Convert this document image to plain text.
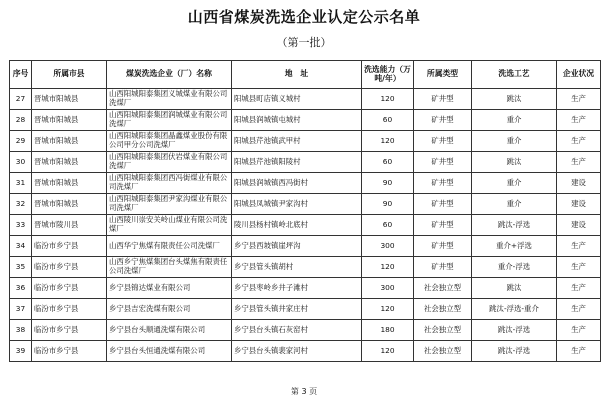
山西省煤炭洗选企业认定公示名单
（第一批）
序号	所属市县	煤炭洗选企业（厂）名称	地　址	洗选能力（万吨/年）	所属类型	洗选工艺	企业状况
27	晋城市阳城县	山西阳城阳泰集团义城煤业有限公司洗煤厂	阳城县町店镇义城村	120	矿井型	跳汰	生产
28	晋城市阳城县	山西阳城阳泰集团润城煤业有限公司洗煤厂	阳城县润城镇屯城村	60	矿井型	重介	生产
29	晋城市阳城县	山西阳城阳泰集团晶鑫煤业股份有限公司甲分公司洗煤厂	阳城县芹池镇武甲村	120	矿井型	重介	生产
30	晋城市阳城县	山西阳城阳泰集团伏岩煤业有限公司洗煤厂	阳城县芹池镇阳陵村	60	矿井型	跳汰	生产
31	晋城市阳城县	山西阳城阳泰集团西冯街煤业有限公司洗煤厂	阳城县润城镇西冯街村	90	矿井型	重介	建设
32	晋城市阳城县	山西阳城阳泰集团尹家沟煤业有限公司洗煤厂	阳城县凤城镇尹家沟村	90	矿井型	重介	建设
33	晋城市陵川县	山西陵川崇安关岭山煤业有限公司洗煤厂	陵川县杨村镇岭北底村	60	矿井型	跳汰-浮选	建设
34	临汾市乡宁县	山西华宁焦煤有限责任公司洗煤厂	乡宁县西坡镇崖坪沟	300	矿井型	重介+浮选	生产
35	临汾市乡宁县	山西乡宁焦煤集团台头煤焦有限责任公司洗煤厂	乡宁县管头镇胡村	120	矿井型	重介-浮选	生产
36	临汾市乡宁县	乡宁县锦达煤业有限公司	乡宁县枣岭乡井子滩村	300	社会独立型	跳汰	生产
37	临汾市乡宁县	乡宁县吉宏洗煤有限公司	乡宁县管头镇井家庄村	120	社会独立型	跳汰-浮选-重介	生产
38	临汾市乡宁县	乡宁县台头顺通洗煤有限公司	乡宁县台头镇石灰窑村	180	社会独立型	跳汰-浮选	生产
39	临汾市乡宁县	乡宁县台头恒通洗煤有限公司	乡宁县台头镇裴家河村	120	社会独立型	跳汰-浮选	生产
第 3 页
